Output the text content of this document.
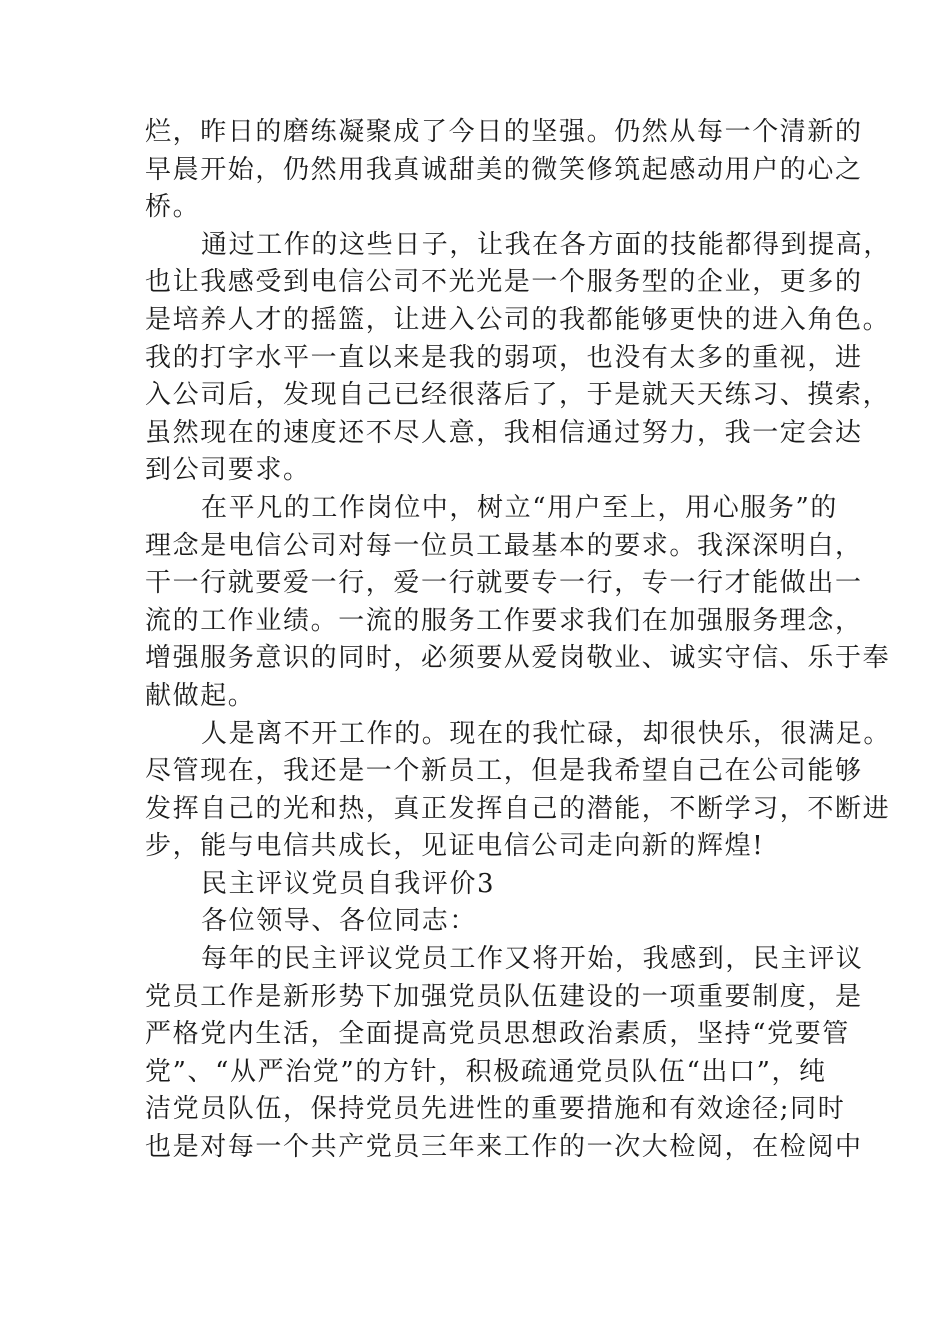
烂，昨日的磨练凝聚成了今日的坚强。仍然从每一个清新的
早晨开始，仍然用我真诚甜美的微笑修筑起感动用户的心之
桥。

通过工作的这些日子，让我在各方面的技能都得到提高，
也让我感受到电信公司不光光是一个服务型的企业，更多的
是培养人才的摇篮，让进入公司的我都能够更快的进入角色。
我的打字水平一直以来是我的弱项，也没有太多的重视，进
入公司后，发现自己已经很落后了，于是就天天练习、摸索，
虽然现在的速度还不尽人意，我相信通过努力，我一定会达
到公司要求。

在平凡的工作岗位中，树立“用户至上，用心服务”的
理念是电信公司对每一位员工最基本的要求。我深深明白，
干一行就要爱一行，爱一行就要专一行，专一行才能做出一
流的工作业绩。一流的服务工作要求我们在加强服务理念，
增强服务意识的同时，必须要从爱岗敬业、诚实守信、乐于奉
献做起。

人是离不开工作的。现在的我忙碌，却很快乐，很满足。
尽管现在，我还是一个新员工，但是我希望自己在公司能够
发挥自己的光和热，真正发挥自己的潜能，不断学习，不断进
步，能与电信共成长，见证电信公司走向新的辉煌!

民主评议党员自我评价3

各位领导、各位同志：

每年的民主评议党员工作又将开始，我感到，民主评议
党员工作是新形势下加强党员队伍建设的一项重要制度，是
严格党内生活，全面提高党员思想政治素质，坚持“党要管
党”、“从严治党”的方针，积极疏通党员队伍“出口”，纯
洁党员队伍，保持党员先进性的重要措施和有效途径;同时
也是对每一个共产党员三年来工作的一次大检阅，在检阅中
